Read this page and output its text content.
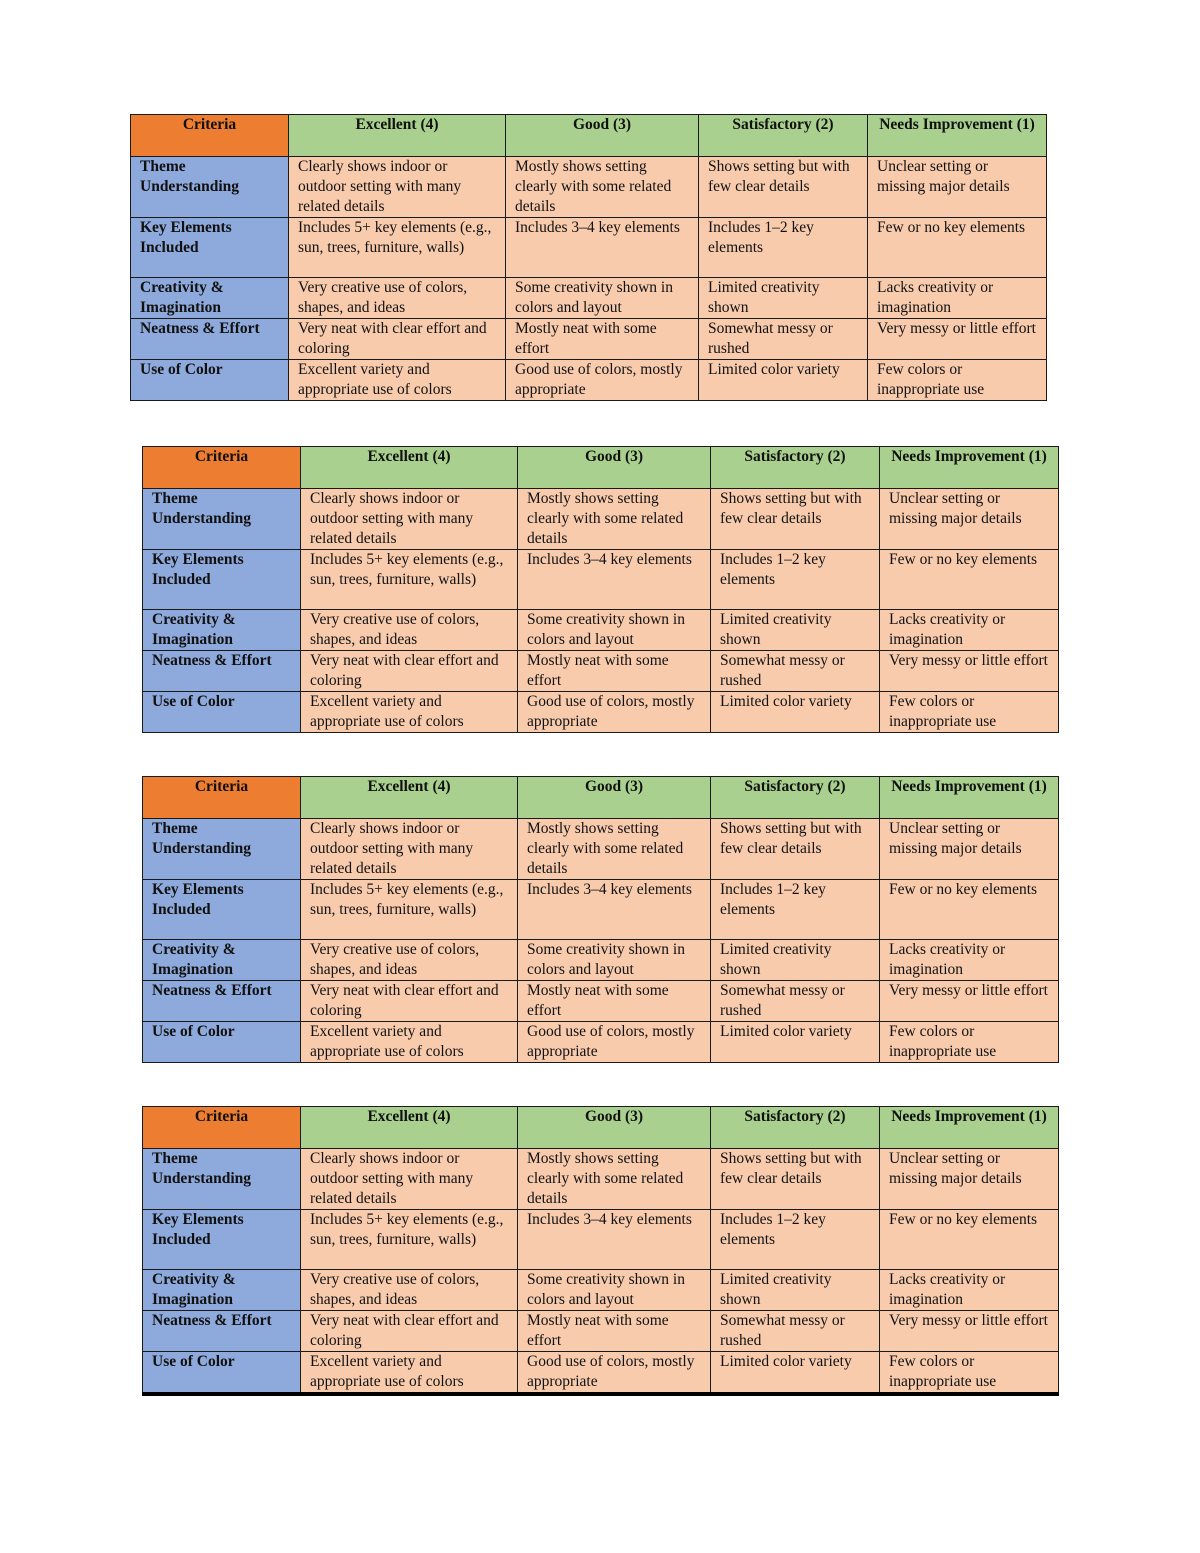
Criteria	Excellent (4)	Good (3)	Satisfactory (2)	Needs Improvement (1)
Theme Understanding	Clearly shows indoor or outdoor setting with many related details	Mostly shows setting clearly with some related details	Shows setting but with few clear details	Unclear setting or missing major details
Key Elements Included	Includes 5+ key elements (e.g., sun, trees, furniture, walls)	Includes 3–4 key elements	Includes 1–2 key elements	Few or no key elements
Creativity & Imagination	Very creative use of colors, shapes, and ideas	Some creativity shown in colors and layout	Limited creativity shown	Lacks creativity or imagination
Neatness & Effort	Very neat with clear effort and coloring	Mostly neat with some effort	Somewhat messy or rushed	Very messy or little effort
Use of Color	Excellent variety and appropriate use of colors	Good use of colors, mostly appropriate	Limited color variety	Few colors or inappropriate use
Criteria	Excellent (4)	Good (3)	Satisfactory (2)	Needs Improvement (1)
Theme Understanding	Clearly shows indoor or outdoor setting with many related details	Mostly shows setting clearly with some related details	Shows setting but with few clear details	Unclear setting or missing major details
Key Elements Included	Includes 5+ key elements (e.g., sun, trees, furniture, walls)	Includes 3–4 key elements	Includes 1–2 key elements	Few or no key elements
Creativity & Imagination	Very creative use of colors, shapes, and ideas	Some creativity shown in colors and layout	Limited creativity shown	Lacks creativity or imagination
Neatness & Effort	Very neat with clear effort and coloring	Mostly neat with some effort	Somewhat messy or rushed	Very messy or little effort
Use of Color	Excellent variety and appropriate use of colors	Good use of colors, mostly appropriate	Limited color variety	Few colors or inappropriate use
Criteria	Excellent (4)	Good (3)	Satisfactory (2)	Needs Improvement (1)
Theme Understanding	Clearly shows indoor or outdoor setting with many related details	Mostly shows setting clearly with some related details	Shows setting but with few clear details	Unclear setting or missing major details
Key Elements Included	Includes 5+ key elements (e.g., sun, trees, furniture, walls)	Includes 3–4 key elements	Includes 1–2 key elements	Few or no key elements
Creativity & Imagination	Very creative use of colors, shapes, and ideas	Some creativity shown in colors and layout	Limited creativity shown	Lacks creativity or imagination
Neatness & Effort	Very neat with clear effort and coloring	Mostly neat with some effort	Somewhat messy or rushed	Very messy or little effort
Use of Color	Excellent variety and appropriate use of colors	Good use of colors, mostly appropriate	Limited color variety	Few colors or inappropriate use
Criteria	Excellent (4)	Good (3)	Satisfactory (2)	Needs Improvement (1)
Theme Understanding	Clearly shows indoor or outdoor setting with many related details	Mostly shows setting clearly with some related details	Shows setting but with few clear details	Unclear setting or missing major details
Key Elements Included	Includes 5+ key elements (e.g., sun, trees, furniture, walls)	Includes 3–4 key elements	Includes 1–2 key elements	Few or no key elements
Creativity & Imagination	Very creative use of colors, shapes, and ideas	Some creativity shown in colors and layout	Limited creativity shown	Lacks creativity or imagination
Neatness & Effort	Very neat with clear effort and coloring	Mostly neat with some effort	Somewhat messy or rushed	Very messy or little effort
Use of Color	Excellent variety and appropriate use of colors	Good use of colors, mostly appropriate	Limited color variety	Few colors or inappropriate use
